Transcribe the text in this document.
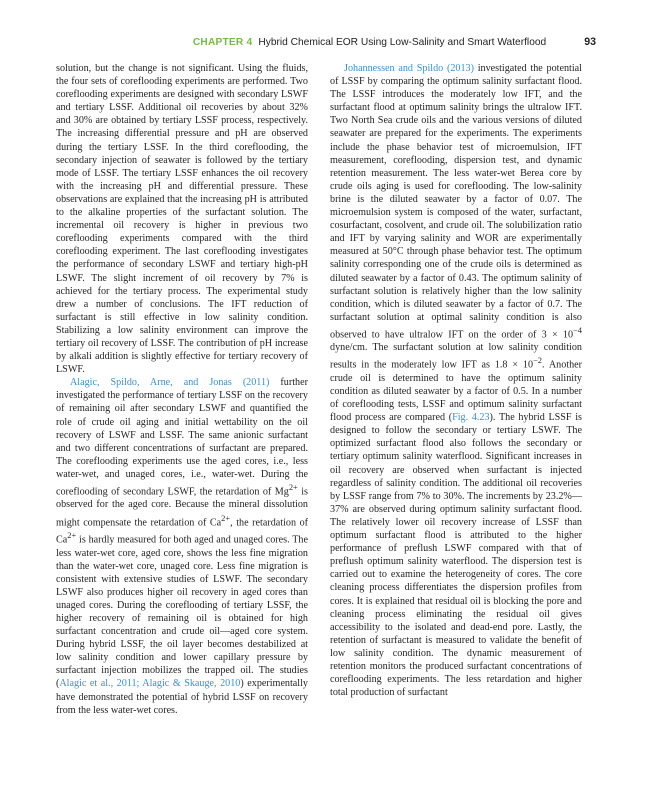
CHAPTER 4 Hybrid Chemical EOR Using Low-Salinity and Smart Waterflood	93

solution, but the change is not significant. Using the fluids, the four sets of coreflooding experiments are performed. Two coreflooding experiments are designed with secondary LSWF and tertiary LSSF. Additional oil recoveries by about 32% and 30% are obtained by tertiary LSSF process, respectively. The increasing differential pressure and pH are observed during the tertiary LSSF. In the third coreflooding, the secondary injection of seawater is followed by the tertiary mode of LSSF. The tertiary LSSF enhances the oil recovery with the increasing pH and differential pressure. These observations are explained that the increasing pH is attributed to the alkaline properties of the surfactant solution. The incremental oil recovery is higher in previous two coreflooding experiments compared with the third coreflooding experiment. The last coreflooding investigates the performance of secondary LSWF and tertiary high-pH LSWF. The slight increment of oil recovery by 7% is achieved for the tertiary process. The experimental study drew a number of conclusions. The IFT reduction of surfactant is still effective in low salinity condition. Stabilizing a low salinity environment can improve the tertiary oil recovery of LSSF. The contribution of pH increase by alkali addition is slightly effective for tertiary recovery of LSWF.

Alagic, Spildo, Arne, and Jonas (2011) further investigated the performance of tertiary LSSF on the recovery of remaining oil after secondary LSWF and quantified the role of crude oil aging and initial wettability on the oil recovery of LSWF and LSSF. The same anionic surfactant and two different concentrations of surfactant are prepared. The coreflooding experiments use the aged cores, i.e., less water-wet, and unaged cores, i.e., water-wet. During the coreflooding of secondary LSWF, the retardation of $Mg^{2+}$ is observed for the aged core. Because the mineral dissolution might compensate the retardation of $Ca^{2+}$, the retardation of $Ca^{2+}$ is hardly measured for both aged and unaged cores. The less water-wet core, aged core, shows the less fine migration than the water-wet core, unaged core. Less fine migration is consistent with extensive studies of LSWF. The secondary LSWF also produces higher oil recovery in aged cores than unaged cores. During the coreflooding of tertiary LSSF, the higher recovery of remaining oil is obtained for high surfactant concentration and crude oil—aged core system. During hybrid LSSF, the oil layer becomes destabilized at low salinity condition and lower capillary pressure by surfactant injection mobilizes the trapped oil. The studies (Alagic et al., 2011; Alagic & Skauge, 2010) experimentally have demonstrated the potential of hybrid LSSF on recovery from the less water-wet cores.

Johannessen and Spildo (2013) investigated the potential of LSSF by comparing the optimum salinity surfactant flood. The LSSF introduces the moderately low IFT, and the surfactant flood at optimum salinity brings the ultralow IFT. Two North Sea crude oils and the various versions of diluted seawater are prepared for the experiments. The experiments include the phase behavior test of microemulsion, IFT measurement, coreflooding, dispersion test, and dynamic retention measurement. The less water-wet Berea core by crude oils aging is used for coreflooding. The low-salinity brine is the diluted seawater by a factor of 0.07. The microemulsion system is composed of the water, surfactant, cosurfactant, cosolvent, and crude oil. The solubilization ratio and IFT by varying salinity and WOR are experimentally measured at 50°C through phase behavior test. The optimum salinity corresponding one of the crude oils is determined as diluted seawater by a factor of 0.43. The optimum salinity of surfactant solution is relatively higher than the low salinity condition, which is diluted seawater by a factor of 0.7. The surfactant solution at optimal salinity condition is also observed to have ultralow IFT on the order of $3 \times 10^{-4}$ dyne/cm. The surfactant solution at low salinity condition results in the moderately low IFT as $1.8 \times 10^{-2}$. Another crude oil is determined to have the optimum salinity condition as diluted seawater by a factor of 0.5. In a number of coreflooding tests, LSSF and optimum salinity surfactant flood process are compared (Fig. 4.23). The hybrid LSSF is designed to follow the secondary or tertiary LSWF. The optimized surfactant flood also follows the secondary or tertiary optimum salinity waterflood. Significant increases in oil recovery are observed when surfactant is injected regardless of salinity condition. The additional oil recoveries by LSSF range from 7% to 30%. The increments by 23.2%—37% are observed during optimum salinity surfactant flood. The relatively lower oil recovery increase of LSSF than optimum surfactant flood is attributed to the higher performance of preflush LSWF compared with that of preflush optimum salinity waterflood. The dispersion test is carried out to examine the heterogeneity of cores. The core cleaning process differentiates the dispersion profiles from cores. It is explained that residual oil is blocking the pore and cleaning process eliminating the residual oil gives accessibility to the isolated and dead-end pore. Lastly, the retention of surfactant is measured to validate the benefit of low salinity condition. The dynamic measurement of retention monitors the produced surfactant concentrations of coreflooding experiments. The less retardation and higher total production of surfactant
